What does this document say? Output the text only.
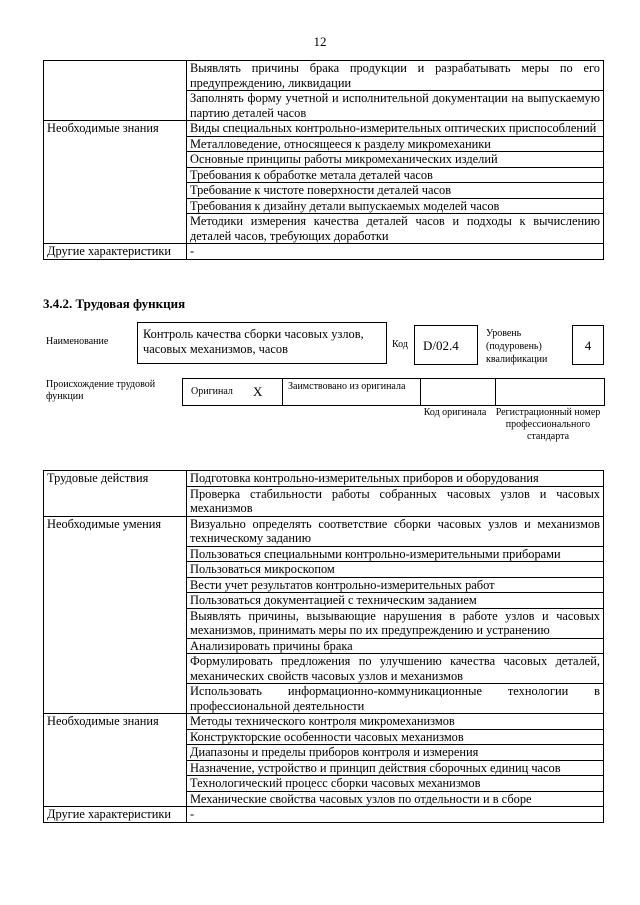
12
	Выявлять причины брака продукции и разрабатывать меры по его предупреждению, ликвидации
	Заполнять форму учетной и исполнительной документации на выпускаемую партию деталей часов
Необходимые знания	Виды специальных контрольно-измерительных оптических приспособлений
	Металловедение, относящееся к разделу микромеханики
	Основные принципы работы микромеханических изделий
	Требования к обработке метала деталей часов
	Требование к чистоте поверхности деталей часов
	Требования к дизайну детали выпускаемых моделей часов
	Методики измерения качества деталей часов и подходы к вычислению деталей часов, требующих доработки
Другие характеристики	-
3.4.2. Трудовая функция
Наименование
Контроль качества сборки часовых узлов, часовых механизмов, часов	Код	D/02.4
Уровень (подуровень) квалификации
4
Происхождение трудовой функции	Оригинал X	Заимствовано из оригинала
Код оригинала Регистрационный номер профессионального стандарта
Трудовые действия	Подготовка контрольно-измерительных приборов и оборудования
	Проверка стабильности работы собранных часовых узлов и часовых механизмов
Необходимые умения	Визуально определять соответствие сборки часовых узлов и механизмов техническому заданию
	Пользоваться специальными контрольно-измерительными приборами
	Пользоваться микроскопом
	Вести учет результатов контрольно-измерительных работ
	Пользоваться документацией с техническим заданием
	Выявлять причины, вызывающие нарушения в работе узлов и часовых механизмов, принимать меры по их предупреждению и устранению
	Анализировать причины брака
	Формулировать предложения по улучшению качества часовых деталей, механических свойств часовых узлов и механизмов
	Использовать информационно-коммуникационные технологии в профессиональной деятельности
Необходимые знания	Методы технического контроля микромеханизмов
	Конструкторские особенности часовых механизмов
	Диапазоны и пределы приборов контроля и измерения
	Назначение, устройство и принцип действия сборочных единиц часов
	Технологический процесс сборки часовых механизмов
	Механические свойства часовых узлов по отдельности и в сборе
Другие характеристики	-
